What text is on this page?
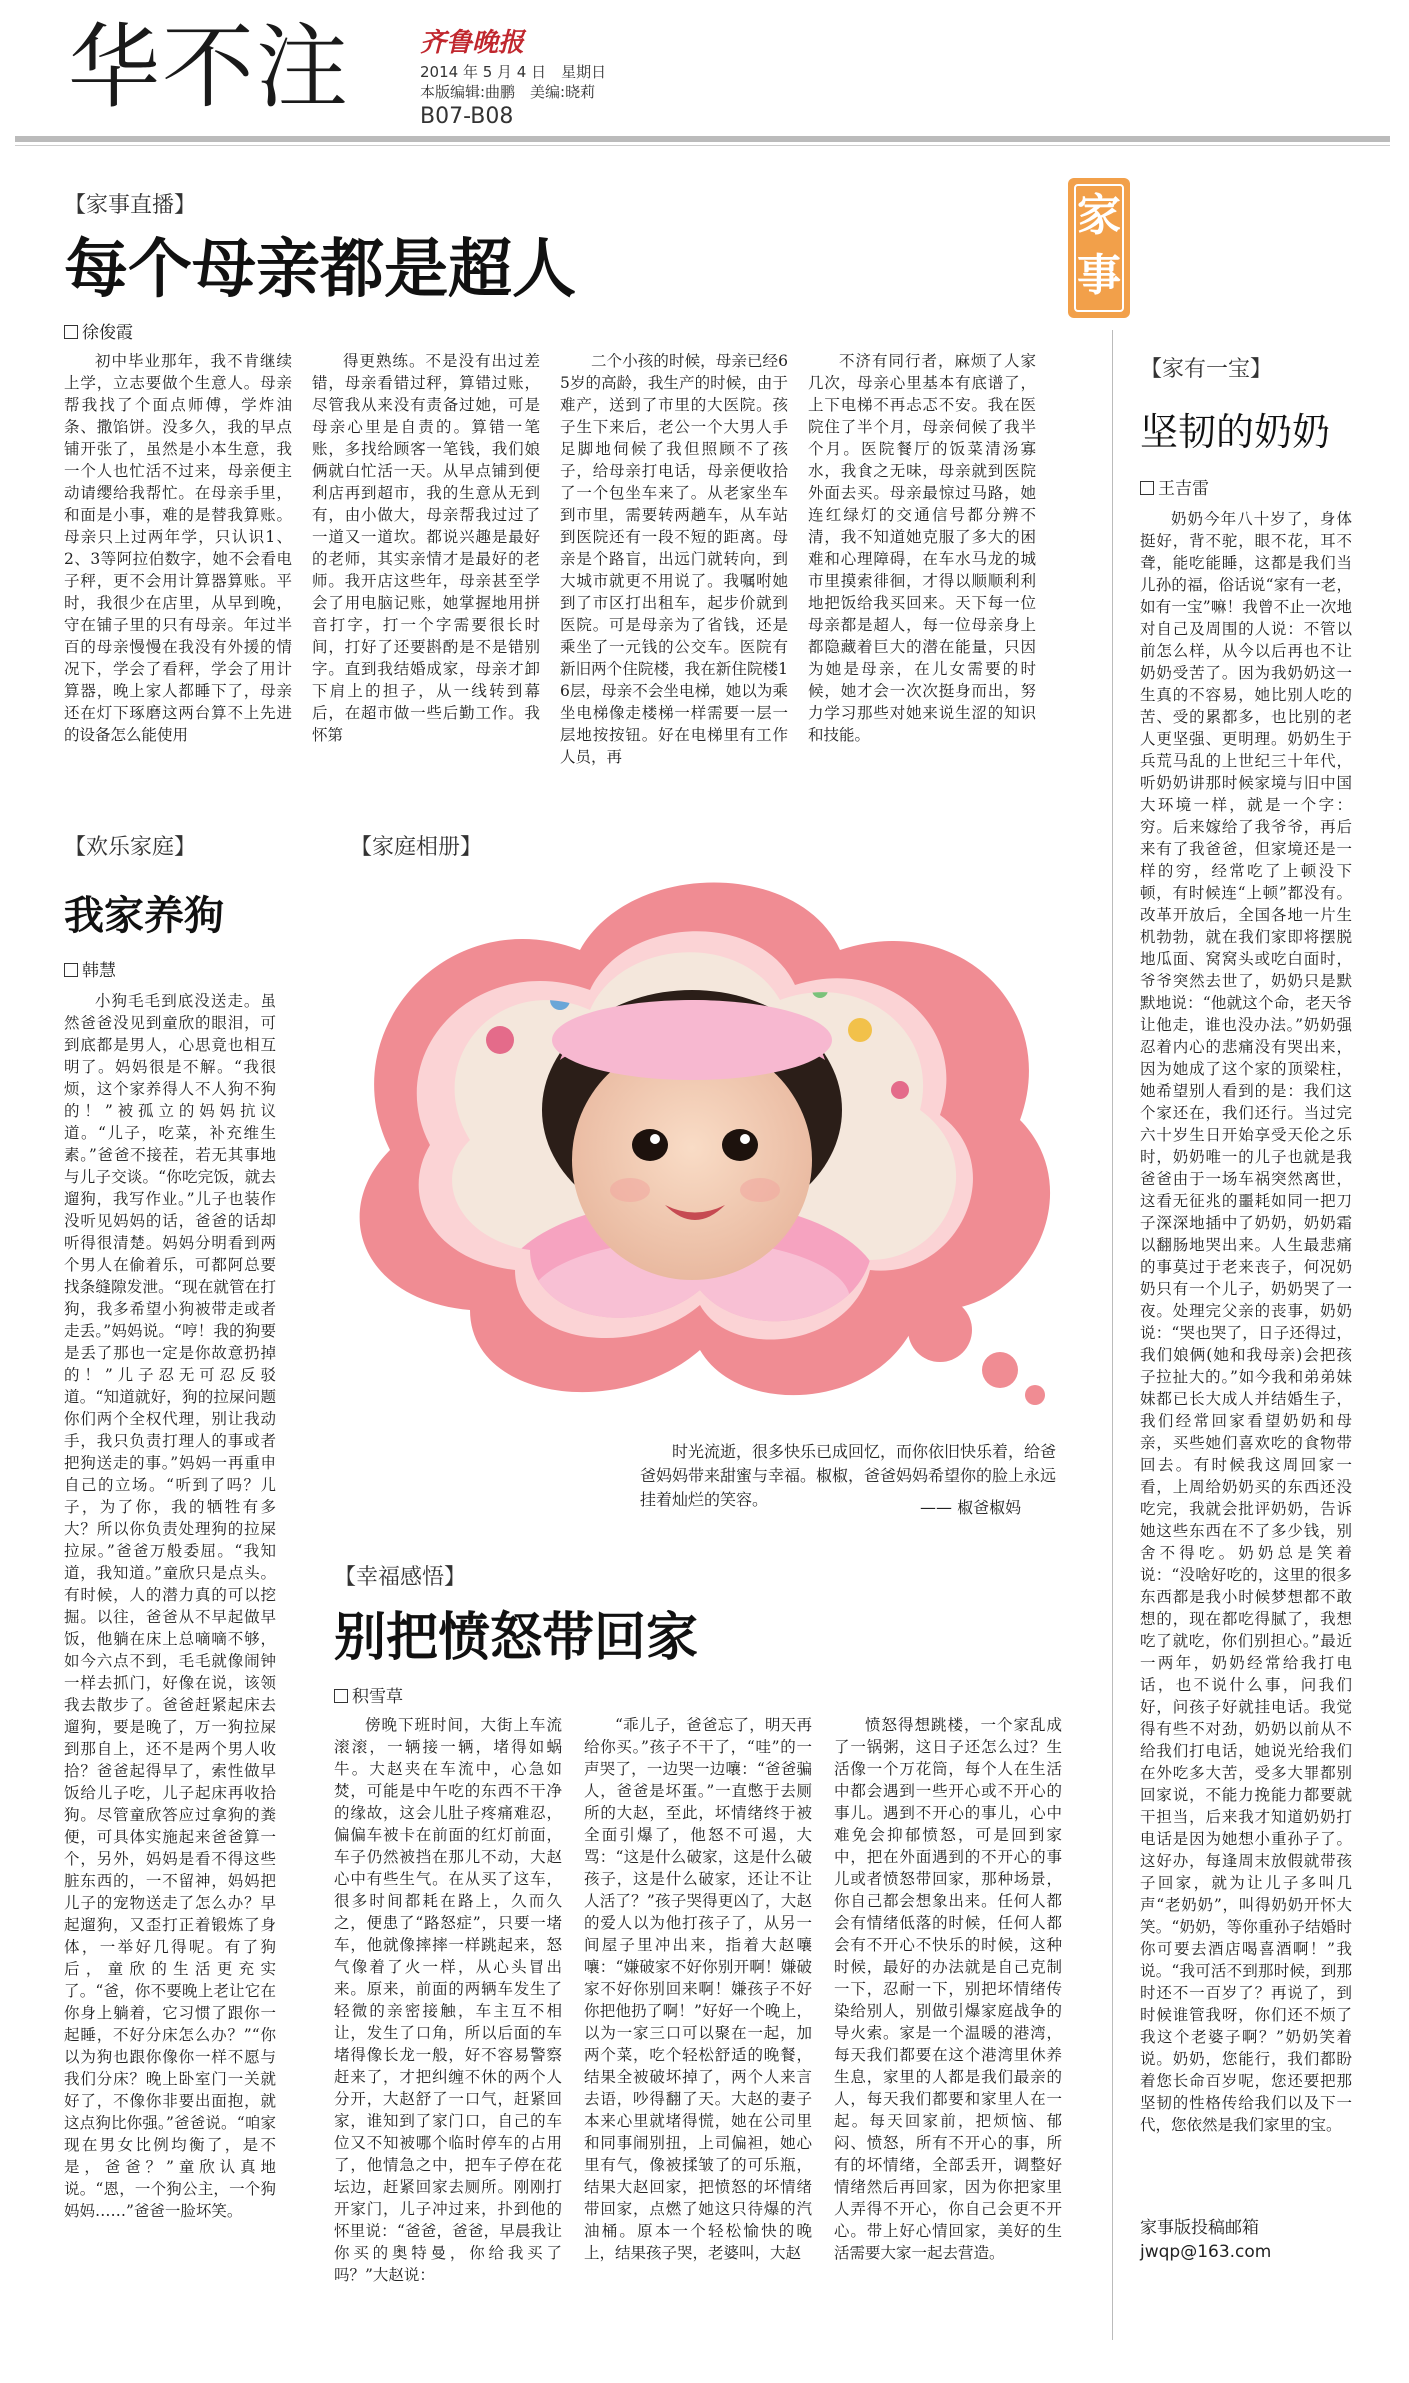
华不注	齐鲁晚报
2014 年 5 月 4 日　星期日
本版编辑:曲鹏　美编:晓莉
B07-B08
【家事直播】
每个母亲都是超人
徐俊霞
初中毕业那年，我不肯继续上学，立志要做个生意人。母亲帮我找了个面点师傅，学炸油条、撒馅饼。没多久，我的早点铺开张了，虽然是小本生意，我一个人也忙活不过来，母亲便主动请缨给我帮忙。在母亲手里，和面是小事，难的是替我算账。母亲只上过两年学，只认识1、2、3等阿拉伯数字，她不会看电子秤，更不会用计算器算账。平时，我很少在店里，从早到晚，守在铺子里的只有母亲。年过半百的母亲慢慢在我没有外援的情况下，学会了看秤，学会了用计算器，晚上家人都睡下了，母亲还在灯下琢磨这两台算不上先进的设备怎么能使用
得更熟练。不是没有出过差错，母亲看错过秤，算错过账，尽管我从来没有责备过她，可是母亲心里是自责的。算错一笔账，多找给顾客一笔钱，我们娘俩就白忙活一天。从早点铺到便利店再到超市，我的生意从无到有，由小做大，母亲帮我过过了一道又一道坎。都说兴趣是最好的老师，其实亲情才是最好的老师。我开店这些年，母亲甚至学会了用电脑记账，她掌握地用拼音打字，打一个字需要很长时间，打好了还要斟酌是不是错别字。直到我结婚成家，母亲才卸下肩上的担子，从一线转到幕后，在超市做一些后勤工作。我怀第
二个小孩的时候，母亲已经65岁的高龄，我生产的时候，由于难产，送到了市里的大医院。孩子生下来后，老公一个大男人手足脚地伺候了我但照顾不了孩子，给母亲打电话，母亲便收拾了一个包坐车来了。从老家坐车到市里，需要转两趟车，从车站到医院还有一段不短的距离。母亲是个路盲，出远门就转向，到大城市就更不用说了。我嘱咐她到了市区打出租车，起步价就到医院。可是母亲为了省钱，还是乘坐了一元钱的公交车。医院有新旧两个住院楼，我在新住院楼16层，母亲不会坐电梯，她以为乘坐电梯像走楼梯一样需要一层一层地按按钮。好在电梯里有工作人员，再
不济有同行者，麻烦了人家几次，母亲心里基本有底谱了，上下电梯不再忐忑不安。我在医院住了半个月，母亲伺候了我半个月。医院餐厅的饭菜清汤寡水，我食之无味，母亲就到医院外面去买。母亲最惊过马路，她连红绿灯的交通信号都分辨不清，我不知道她克服了多大的困难和心理障碍，在车水马龙的城市里摸索徘徊，才得以顺顺利利地把饭给我买回来。天下每一位母亲都是超人，每一位母亲身上都隐藏着巨大的潜在能量，只因为她是母亲，在儿女需要的时候，她才会一次次挺身而出，努力学习那些对她来说生涩的知识和技能。
家事
【欢乐家庭】
我家养狗
韩慧
小狗毛毛到底没送走。虽然爸爸没见到童欣的眼泪，可到底都是男人，心思竟也相互明了。妈妈很是不解。“我很烦，这个家养得人不人狗不狗的！”被孤立的妈妈抗议道。“儿子，吃菜，补充维生素。”爸爸不接茬，若无其事地与儿子交谈。“你吃完饭，就去遛狗，我写作业。”儿子也装作没听见妈妈的话，爸爸的话却听得很清楚。妈妈分明看到两个男人在偷着乐，可都阿总要找条缝隙发泄。“现在就管在打狗，我多希望小狗被带走或者走丢。”妈妈说。“哼！我的狗要是丢了那也一定是你故意扔掉的！”儿子忍无可忍反驳道。“知道就好，狗的拉屎问题你们两个全权代理，别让我动手，我只负责打理人的事或者把狗送走的事。”妈妈一再重申自己的立场。“听到了吗？儿子，为了你，我的牺牲有多大？所以你负责处理狗的拉屎拉尿。”爸爸万般委屈。“我知道，我知道。”童欣只是点头。有时候，人的潜力真的可以挖掘。以往，爸爸从不早起做早饭，他躺在床上总嘀嘀不够，如今六点不到，毛毛就像闹钟一样去抓门，好像在说，该领我去散步了。爸爸赶紧起床去遛狗，要是晚了，万一狗拉屎到那自上，还不是两个男人收拾？爸爸起得早了，索性做早饭给儿子吃，儿子起床再收拾狗。尽管童欣答应过拿狗的粪便，可具体实施起来爸爸算一个，另外，妈妈是看不得这些脏东西的，一不留神，妈妈把儿子的宠物送走了怎么办？早起遛狗，又歪打正着锻炼了身体，一举好几得呢。有了狗后，童欣的生活更充实了。“爸，你不要晚上老让它在你身上躺着，它习惯了跟你一起睡，不好分床怎么办？”“你以为狗也跟你像你一样不愿与我们分床？晚上卧室门一关就好了，不像你非要出面抱，就这点狗比你强。”爸爸说。“咱家现在男女比例均衡了，是不是，爸爸？”童欣认真地说。“恩，一个狗公主，一个狗妈妈……”爸爸一脸坏笑。
【家庭相册】
时光流逝，很多快乐已成回忆，而你依旧快乐着，给爸爸妈妈带来甜蜜与幸福。椒椒，爸爸妈妈希望你的脸上永远挂着灿烂的笑容。	—— 椒爸椒妈
【幸福感悟】
别把愤怒带回家
积雪草
傍晚下班时间，大街上车流滚滚，一辆接一辆，堵得如蜗牛。大赵夹在车流中，心急如焚，可能是中午吃的东西不干净的缘故，这会儿肚子疼痛难忍，偏偏车被卡在前面的红灯前面，车子仍然被挡在那儿不动，大赵心中有些生气。在从买了这车，很多时间都耗在路上，久而久之，便患了“路怒症”，只要一堵车，他就像摔摔一样跳起来，怒气像着了火一样，从心头冒出来。原来，前面的两辆车发生了轻微的亲密接触，车主互不相让，发生了口角，所以后面的车堵得像长龙一般，好不容易警察赶来了，才把纠缠不休的两个人分开，大赵舒了一口气，赶紧回家，谁知到了家门口，自己的车位又不知被哪个临时停车的占用了，他情急之中，把车子停在花坛边，赶紧回家去厕所。刚刚打开家门，儿子冲过来，扑到他的怀里说：“爸爸，爸爸，早晨我让你买的奥特曼，你给我买了吗？”大赵说：
“乖儿子，爸爸忘了，明天再给你买。”孩子不干了，“哇”的一声哭了，一边哭一边嚷：“爸爸骗人，爸爸是坏蛋。”一直憋于去厕所的大赵，至此，坏情绪终于被全面引爆了，他怒不可遏，大骂：“这是什么破家，这是什么破孩子，这是什么破家，还让不让人活了？”孩子哭得更凶了，大赵的爱人以为他打孩子了，从另一间屋子里冲出来，指着大赵嚷嚷：“嫌破家不好你别开啊！嫌破家不好你别回来啊！嫌孩子不好你把他扔了啊！”好好一个晚上，以为一家三口可以聚在一起，加两个菜，吃个轻松舒适的晚餐，结果全被破坏掉了，两个人来言去语，吵得翻了天。大赵的妻子本来心里就堵得慌，她在公司里和同事闹别扭，上司偏袒，她心里有气，像被揉皱了的可乐瓶，结果大赵回家，把愤怒的坏情绪带回家，点燃了她这只待爆的汽油桶。原本一个轻松愉快的晚上，结果孩子哭，老婆叫，大赵
愤怒得想跳楼，一个家乱成了一锅粥，这日子还怎么过？生活像一个万花筒，每个人在生活中都会遇到一些开心或不开心的事儿。遇到不开心的事儿，心中难免会抑郁愤怒，可是回到家中，把在外面遇到的不开心的事儿或者愤怒带回家，那种场景，你自己都会想象出来。任何人都会有情绪低落的时候，任何人都会有不开心不快乐的时候，这种时候，最好的办法就是自己克制一下，忍耐一下，别把坏情绪传染给别人，别做引爆家庭战争的导火索。家是一个温暖的港湾，每天我们都要在这个港湾里休养生息，家里的人都是我们最亲的人，每天我们都要和家里人在一起。每天回家前，把烦恼、郁闷、愤怒，所有不开心的事，所有的坏情绪，全部丢开，调整好情绪然后再回家，因为你把家里人弄得不开心，你自己会更不开心。带上好心情回家，美好的生活需要大家一起去营造。
【家有一宝】
坚韧的奶奶
王吉雷
奶奶今年八十岁了，身体挺好，背不驼，眼不花，耳不聋，能吃能睡，这都是我们当儿孙的福，俗话说“家有一老，如有一宝”嘛！我曾不止一次地对自己及周围的人说：不管以前怎么样，从今以后再也不让奶奶受苦了。因为我奶奶这一生真的不容易，她比别人吃的苦、受的累都多，也比别的老人更坚强、更明理。奶奶生于兵荒马乱的上世纪三十年代，听奶奶讲那时候家境与旧中国大环境一样，就是一个字：穷。后来嫁给了我爷爷，再后来有了我爸爸，但家境还是一样的穷，经常吃了上顿没下顿，有时候连“上顿”都没有。改革开放后，全国各地一片生机勃勃，就在我们家即将摆脱地瓜面、窝窝头或吃白面时，爷爷突然去世了，奶奶只是默默地说：“他就这个命，老天爷让他走，谁也没办法。”奶奶强忍着内心的悲痛没有哭出来，因为她成了这个家的顶梁柱，她希望别人看到的是：我们这个家还在，我们还行。当过完六十岁生日开始享受天伦之乐时，奶奶唯一的儿子也就是我爸爸由于一场车祸突然离世，这看无征兆的噩耗如同一把刀子深深地插中了奶奶，奶奶霜以翻肠地哭出来。人生最悲痛的事莫过于老来丧子，何况奶奶只有一个儿子，奶奶哭了一夜。处理完父亲的丧事，奶奶说：“哭也哭了，日子还得过，我们娘俩(她和我母亲)会把孩子拉扯大的。”如今我和弟弟妹妹都已长大成人并结婚生子，我们经常回家看望奶奶和母亲，买些她们喜欢吃的食物带回去。有时候我这周回家一看，上周给奶奶买的东西还没吃完，我就会批评奶奶，告诉她这些东西在不了多少钱，别舍不得吃。奶奶总是笑着说：“没啥好吃的，这里的很多东西都是我小时候梦想都不敢想的，现在都吃得腻了，我想吃了就吃，你们别担心。”最近一两年，奶奶经常给我打电话，也不说什么事，问我们好，问孩子好就挂电话。我觉得有些不对劲，奶奶以前从不给我们打电话，她说光给我们在外吃多大苦，受多大罪都别回家说，不能力挽能力都要就干担当，后来我才知道奶奶打电话是因为她想小重孙子了。这好办，每逢周末放假就带孩子回家，就为让儿子多叫几声“老奶奶”，叫得奶奶开怀大笑。“奶奶，等你重孙子结婚时你可要去酒店喝喜酒啊！”我说。“我可活不到那时候，到那时还不一百岁了？再说了，到时候谁管我呀，你们还不烦了我这个老婆子啊？”奶奶笑着说。奶奶，您能行，我们都盼着您长命百岁呢，您还要把那坚韧的性格传给我们以及下一代，您依然是我们家里的宝。
家事版投稿邮箱
jwqp@163.com
